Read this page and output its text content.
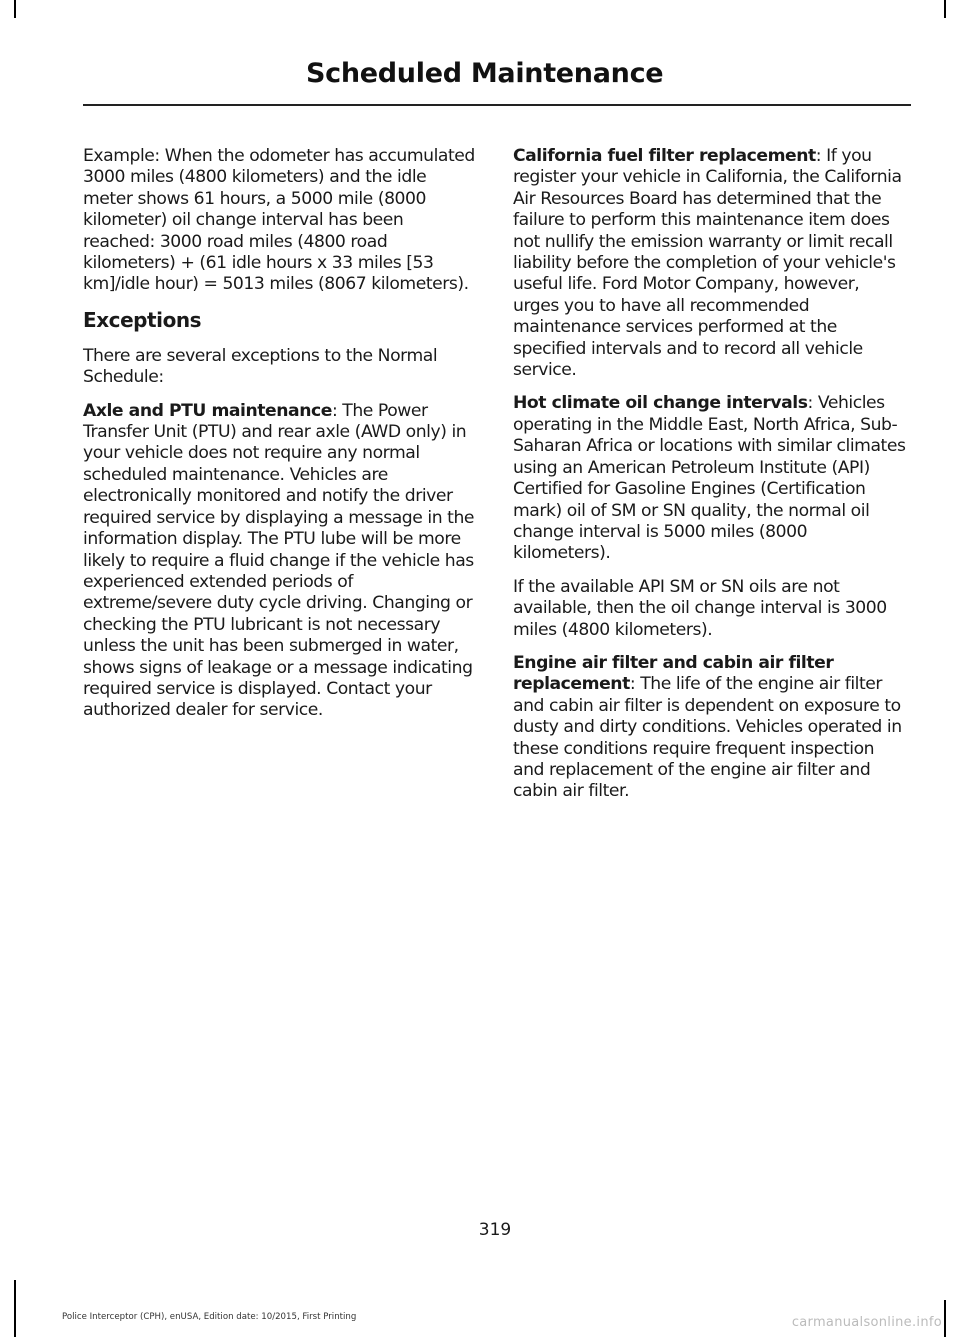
Scheduled Maintenance

Example: When the odometer has accumulated 3000 miles (4800 kilometers) and the idle meter shows 61 hours, a 5000 mile (8000 kilometer) oil change interval has been reached: 3000 road miles (4800 road kilometers) + (61 idle hours x 33 miles [53 km]/idle hour) = 5013 miles (8067 kilometers).

Exceptions

There are several exceptions to the Normal Schedule:

Axle and PTU maintenance: The Power Transfer Unit (PTU) and rear axle (AWD only) in your vehicle does not require any normal scheduled maintenance. Vehicles are electronically monitored and notify the driver required service by displaying a message in the information display. The PTU lube will be more likely to require a fluid change if the vehicle has experienced extended periods of extreme/severe duty cycle driving. Changing or checking the PTU lubricant is not necessary unless the unit has been submerged in water, shows signs of leakage or a message indicating required service is displayed. Contact your authorized dealer for service.

California fuel filter replacement: If you register your vehicle in California, the California Air Resources Board has determined that the failure to perform this maintenance item does not nullify the emission warranty or limit recall liability before the completion of your vehicle's useful life. Ford Motor Company, however, urges you to have all recommended maintenance services performed at the specified intervals and to record all vehicle service.

Hot climate oil change intervals: Vehicles operating in the Middle East, North Africa, Sub-Saharan Africa or locations with similar climates using an American Petroleum Institute (API) Certified for Gasoline Engines (Certification mark) oil of SM or SN quality, the normal oil change interval is 5000 miles (8000 kilometers).

If the available API SM or SN oils are not available, then the oil change interval is 3000 miles (4800 kilometers).

Engine air filter and cabin air filter replacement: The life of the engine air filter and cabin air filter is dependent on exposure to dusty and dirty conditions. Vehicles operated in these conditions require frequent inspection and replacement of the engine air filter and cabin air filter.

319
Police Interceptor (CPH), enUSA, Edition date: 10/2015, First Printing	carmanualsonline.info
